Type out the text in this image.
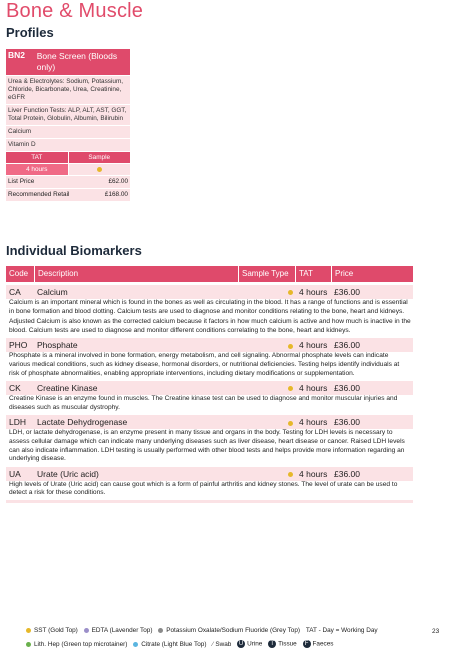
Bone & Muscle
Profiles
BN2	Bone Screen (Bloods only)
Urea & Electrolytes: Sodium, Potassium, Chloride, Bicarbonate, Urea, Creatinine, eGFR
Liver Function Tests: ALP, ALT, AST, GGT, Total Protein, Globulin, Albumin, Bilirubin
Calcium
Vitamin D
TAT	Sample
4 hours
List Price	£62.00
Recommended Retail	£168.00
Individual Biomarkers
Code	Description	Sample Type	TAT	Price
CA	Calcium	4 hours £36.00

Calcium is an important mineral which is found in the bones as well as circulating in the blood. It has a range of functions and is essential in bone formation and blood clotting. Calcium tests are used to diagnose and monitor conditions relating to the bone, heart and kidneys.

Adjusted Calcium is also known as the corrected calcium because it factors in how much calcium is active and how much is inactive in the blood. Calcium tests are used to diagnose and monitor different conditions correlating to the bone, heart and kidneys.

PHO	Phosphate	4 hours £36.00

Phosphate is a mineral involved in bone formation, energy metabolism, and cell signaling. Abnormal phosphate levels can indicate various medical conditions, such as kidney disease, hormonal disorders, or nutritional deficiencies. Testing helps identify individuals at risk of phosphate abnormalities, enabling appropriate interventions, including dietary modifications or supplementation.

CK	Creatine Kinase	4 hours £36.00

Creatine Kinase is an enzyme found in muscles. The Creatine kinase test can be used to diagnose and monitor muscular injuries and diseases such as muscular dystrophy.

LDH	Lactate Dehydrogenase	4 hours £36.00

LDH, or lactate dehydrogenase, is an enzyme present in many tissue and organs in the body. Testing for LDH levels is necessary to assess cellular damage which can indicate many underlying diseases such as liver disease, heart disease or cancer. Raised LDH levels can also indicate inflammation. LDH testing is usually performed with other blood tests and helps provide more information regarding an underlying disease.

UA	Urate (Uric acid)	4 hours £36.00

High levels of Urate (Uric acid) can cause gout which is a form of painful arthritis and kidney stones. The level of urate can be used to detect a risk for these conditions.

SST (Gold Top) EDTA (Lavender Top) Potassium Oxalate/Sodium Fluoride (Grey Top) TAT - Day = Working Day
Lith. Hep (Green top microtainer) Citrate (Light Blue Top) ∕ Swab U Urine T Tissue F Faeces
23
